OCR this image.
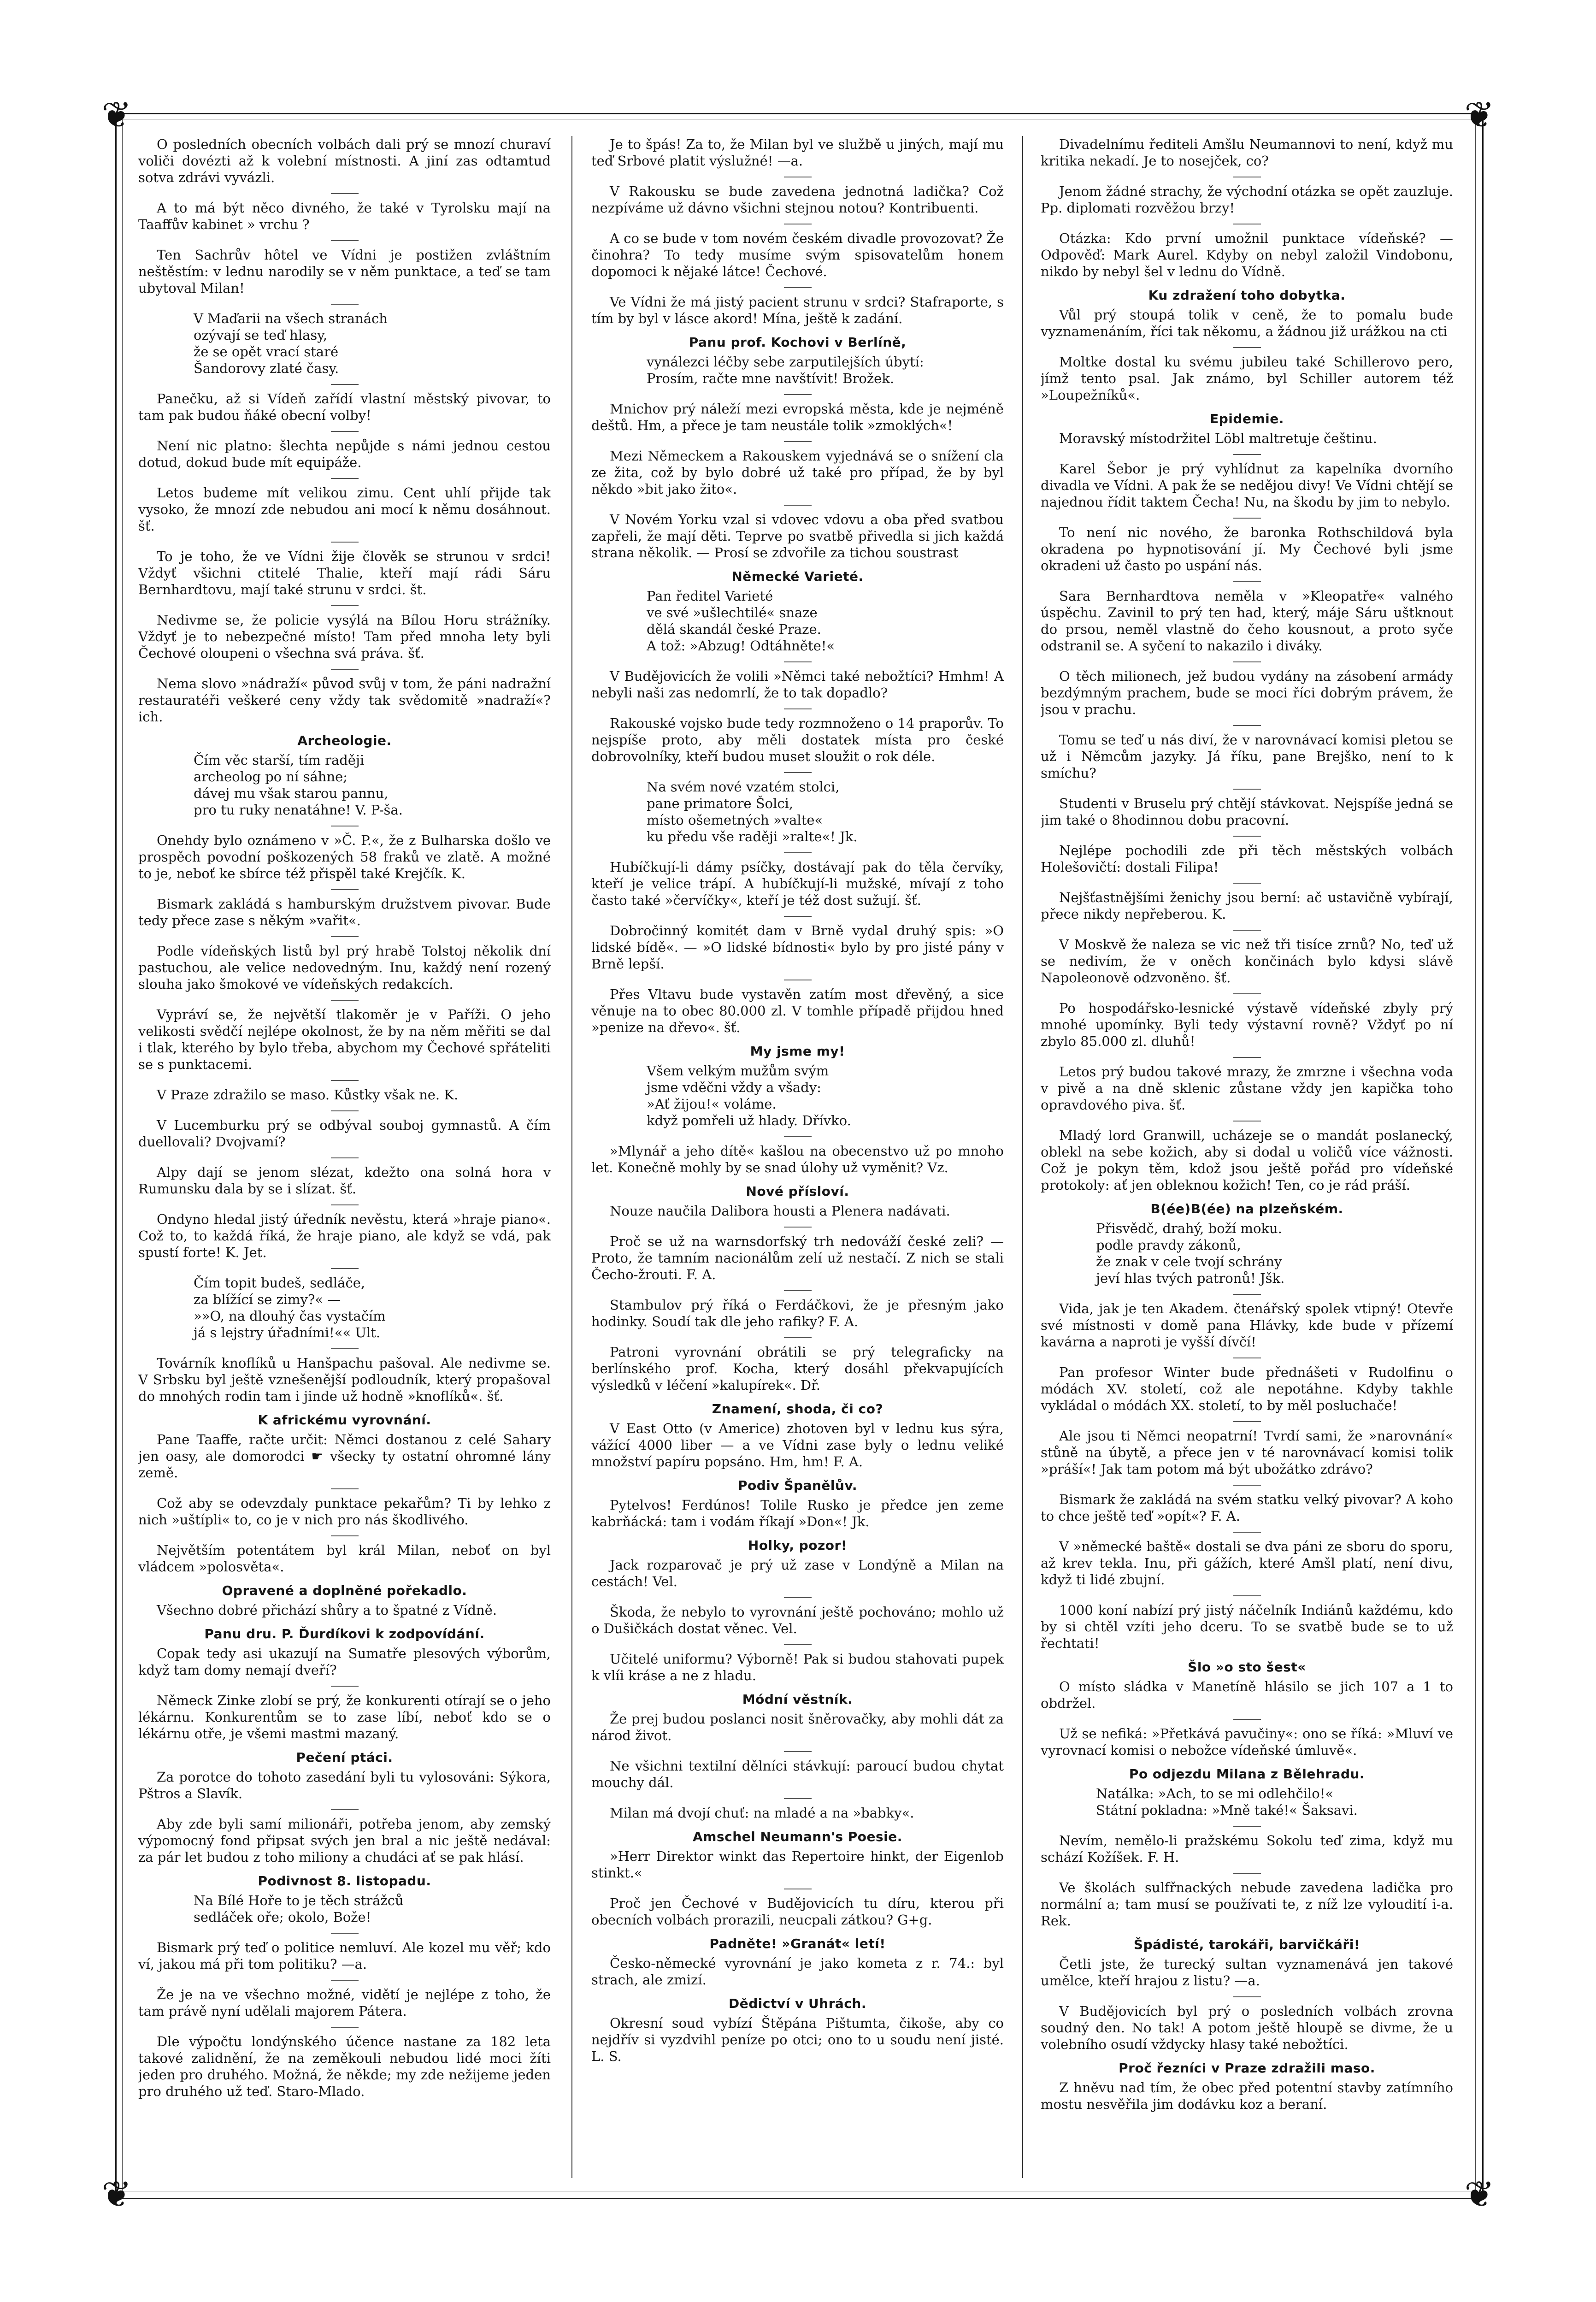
❦	❦
❦	❦
O posledních obecních volbách dali prý se mnozí churaví voliči dovézti až k volební místnosti. A jiní zas odtamtud sotva zdrávi vyvázli.
A to má být něco divného, že také v Tyrolsku mají na Taaffův kabinet » vrchu ?
Ten Sachrův hôtel ve Vídni je postižen zvláštním neštěstím: v lednu narodily se v něm punktace, a teď se tam ubytoval Milan!
V Maďarii na všech stranách
ozývají se teď hlasy,
že se opět vrací staré
Šandorovy zlaté časy.
Panečku, až si Vídeň zařídí vlastní městský pivovar, to tam pak budou ňáké obecní volby!
Není nic platno: šlechta nepůjde s námi jednou cestou dotud, dokud bude mít equipáže.
Letos budeme mít velikou zimu. Cent uhlí přijde tak vysoko, že mnozí zde nebudou ani mocí k němu dosáhnout. šť.
To je toho, že ve Vídni žije člověk se strunou v srdci! Vždyť všichni ctitelé Thalie, kteří mají rádi Sáru Bernhardtovu, mají také strunu v srdci. št.
Nedivme se, že policie vysýlá na Bílou Horu strážníky. Vždyť je to nebezpečné místo! Tam před mnoha lety byli Čechové oloupeni o všechna svá práva. šť.
Nema slovo »nádraží« původ svůj v tom, že páni nadražní restauratéři veškeré ceny vždy tak svědomitě »nadraží«? ich.
Archeologie.
Čím věc starší, tím raději
archeolog po ní sáhne;
dávej mu však starou pannu,
pro tu ruky nenatáhne! V. P-ša.
Onehdy bylo oznámeno v »Č. P.«, že z Bulharska došlo ve prospěch povodní poškozených 58 fraků ve zlatě. A možné to je, neboť ke sbírce též přispěl také Krejčík. K.
Bismark zakládá s hamburským družstvem pivovar. Bude tedy přece zase s někým »vařit«.
Podle vídeňských listů byl prý hrabě Tolstoj několik dní pastuchou, ale velice nedovedným. Inu, každý není rozený slouha jako šmokové ve vídeňských redakcích.
Vypráví se, že největší tlakoměr je v Paříži. O jeho velikosti svědčí nejlépe okolnost, že by na něm měřiti se dal i tlak, kterého by bylo třeba, abychom my Čechové spřáteliti se s punktacemi.
V Praze zdražilo se maso. Kůstky však ne. K.
V Lucemburku prý se odbýval souboj gymnastů. A čím duellovali? Dvojvamí?
Alpy dají se jenom slézat, kdežto ona solná hora v Rumunsku dala by se i slízat. šť.
Ondyno hledal jistý úředník nevěstu, která »hraje piano«. Což to, to každá říká, že hraje piano, ale když se vdá, pak spustí forte! K. Jet.
Čím topit budeš, sedláče,
za blížící se zimy?« —
»»O, na dlouhý čas vystačím
já s lejstry úřadními!«« Ult.
Továrník knoflíků u Hanšpachu pašoval. Ale nedivme se. V Srbsku byl ještě vznešenější podloudník, který propašoval do mnohých rodin tam i jinde už hodně »knoflíků«. šť.
K africkému vyrovnání.
Pane Taaffe, račte určit: Němci dostanou z celé Sahary jen oasy, ale domorodci ☛ všecky ty ostatní ohromné lány země.
Což aby se odevzdaly punktace pekařům? Ti by lehko z nich »uštípli« to, co je v nich pro nás škodlivého.
Největším potentátem byl král Milan, neboť on byl vládcem »polosvěta«.
Opravené a doplněné pořekadlo.
Všechno dobré přichází shůry a to špatné z Vídně.
Panu dru. P. Ďurdíkovi k zodpovídání.
Copak tedy asi ukazují na Sumatře plesových výborům, když tam domy nemají dveří?
Německ Zinke zlobí se prý, že konkurenti otírají se o jeho lékárnu. Konkurentům se to zase líbí, neboť kdo se o lékárnu otře, je všemi mastmi mazaný.
Pečení ptáci.
Za porotce do tohoto zasedání byli tu vylosováni: Sýkora, Pštros a Slavík.
Aby zde byli samí milionáři, potřeba jenom, aby zemský výpomocný fond připsat svých jen bral a nic ještě nedával: za pár let budou z toho miliony a chudáci ať se pak hlásí.
Podivnost 8. listopadu.
Na Bílé Hoře to je těch strážců
sedláček oře; okolo, Bože!
Bismark prý teď o politice nemluví. Ale kozel mu věř; kdo ví, jakou má při tom politiku? —a.
Že je na ve všechno možné, vidětí je nejlépe z toho, že tam právě nyní udělali majorem Pátera.
Dle výpočtu londýnského účence nastane za 182 leta takové zalidnění, že na zeměkouli nebudou lidé moci žíti jeden pro druhého. Možná, že někde; my zde nežijeme jeden pro druhého už teď. Staro-Mlado.
Je to špás! Za to, že Milan byl ve službě u jiných, mají mu teď Srbové platit výslužné! —a.
V Rakousku se bude zavedena jednotná ladička? Což nezpíváme už dávno všichni stejnou notou? Kontribuenti.
A co se bude v tom novém českém divadle provozovat? Že činohra? To tedy musíme svým spisovatelům honem dopomoci k nějaké látce! Čechové.
Ve Vídni že má jistý pacient strunu v srdci? Stafraporte, s tím by byl v lásce akord! Mína, ještě k zadání.
Panu prof. Kochovi v Berlíně,
vynálezci léčby sebe zarputilejších úbytí:
Prosím, račte mne navštívit! Brožek.
Mnichov prý náleží mezi evropská města, kde je nejméně deštů. Hm, a přece je tam neustále tolik »zmoklých«!
Mezi Německem a Rakouskem vyjednává se o snížení cla ze žita, což by bylo dobré už také pro případ, že by byl někdo »bit jako žito«.
V Novém Yorku vzal si vdovec vdovu a oba před svatbou zapřeli, že mají děti. Teprve po svatbě přivedla si jich každá strana několik. — Prosí se zdvořile za tichou soustrast
Německé Varieté.
Pan ředitel Varieté
ve své »ušlechtilé« snaze
dělá skandál české Praze.
A tož: »Abzug! Odtáhněte!«
V Budějovicích že volili »Němci také nebožtíci? Hmhm! A nebyli naši zas nedomrlí, že to tak dopadlo?
Rakouské vojsko bude tedy rozmnoženo o 14 praporův. To nejspíše proto, aby měli dostatek místa pro české dobrovolníky, kteří budou muset sloužit o rok déle.
Na svém nové vzatém stolci,
pane primatore Šolci,
místo ošemetných »valte«
ku předu vše raději »ralte«! Jk.
Hubíčkují-li dámy psíčky, dostávají pak do těla červíky, kteří je velice trápí. A hubíčkují-li mužské, mívají z toho často také »červíčky«, kteří je též dost sužují. šť.
Dobročinný komitét dam v Brně vydal druhý spis: »O lidské bídě«. — »O lidské bídnosti« bylo by pro jisté pány v Brně lepší.
Přes Vltavu bude vystavěn zatím most dřevěný, a sice věnuje na to obec 80.000 zl. V tomhle případě přijdou hned »penize na dřevo«. šť.
My jsme my!
Všem velkým mužům svým
jsme vděčni vždy a všady:
»Ať žijou!« voláme.
když pomřeli už hlady. Dřívko.
»Mlynář a jeho dítě« kašlou na obecenstvo už po mnoho let. Konečně mohly by se snad úlohy už vyměnit? Vz.
Nové přísloví.
Nouze naučila Dalibora housti a Plenera nadávati.
Proč se už na warnsdorfský trh nedováží české zeli? — Proto, že tamním nacionálům zelí už nestačí. Z nich se stali Čecho-žrouti. F. A.
Stambulov prý říká o Ferdáčkovi, že je přesným jako hodinky. Soudí tak dle jeho rafiky? F. A.
Patroni vyrovnání obrátili se prý telegraficky na berlínského prof. Kocha, který dosáhl překvapujících výsledků v léčení »kalupírek«. Dř.
Znamení, shoda, či co?
V East Otto (v Americe) zhotoven byl v lednu kus sýra, vážící 4000 liber — a ve Vídni zase byly o lednu veliké množství papíru popsáno. Hm, hm! F. A.
Podiv Španělův.
Pytelvos! Ferdúnos! Tolile Rusko je předce jen zeme kabrňácká: tam i vodám říkají »Don«! Jk.
Holky, pozor!
Jack rozparovač je prý už zase v Londýně a Milan na cestách! Vel.
Škoda, že nebylo to vyrovnání ještě pochováno; mohlo už o Dušičkách dostat věnec. Vel.
Učitelé uniformu? Výborně! Pak si budou stahovati pupek k vlíi kráse a ne z hladu.
Módní věstník.
Že prej budou poslanci nosit šněrovačky, aby mohli dát za národ život.
Ne všichni textilní dělníci stávkují: paroucí budou chytat mouchy dál.
Milan má dvojí chuť: na mladé a na »babky«.
Amschel Neumann's Poesie.
»Herr Direktor winkt das Repertoire hinkt, der Eigenlob stinkt.«
Proč jen Čechové v Budějovicích tu díru, kterou při obecních volbách prorazili, neucpali zátkou? G+g.
Padněte! »Granát« letí!
Česko-německé vyrovnání je jako kometa z r. 74.: byl strach, ale zmizí.
Dědictví v Uhrách.
Okresní soud vybízí Štěpána Pištumta, čikoše, aby co nejdřív si vyzdvihl peníze po otci; ono to u soudu není jisté. L. S.
Divadelnímu řediteli Amšlu Neumannovi to není, když mu kritika nekadí. Je to nosejček, co?
Jenom žádné strachy, že východní otázka se opět zauzluje. Pp. diplomati rozvěžou brzy!
Otázka: Kdo první umožnil punktace vídeňské? — Odpověď: Mark Aurel. Kdyby on nebyl založil Vindobonu, nikdo by nebyl šel v lednu do Vídně.
Ku zdražení toho dobytka.
Vůl prý stoupá tolik v ceně, že to pomalu bude vyznamenáním, říci tak někomu, a žádnou již urážkou na cti
Moltke dostal ku svému jubileu také Schillerovo pero, jímž tento psal. Jak známo, byl Schiller autorem též »Loupežníků«.
Epidemie.
Moravský místodržitel Löbl maltretuje češtinu.
Karel Šebor je prý vyhlídnut za kapelníka dvorního divadla ve Vídni. A pak že se nedějou divy! Ve Vídni chtějí se najednou řídit taktem Čecha! Nu, na škodu by jim to nebylo.
To není nic nového, že baronka Rothschildová byla okradena po hypnotisování jí. My Čechové byli jsme okradeni už často po uspání nás.
Sara Bernhardtova neměla v »Kleopatře« valného úspěchu. Zavinil to prý ten had, který, máje Sáru uštknout do prsou, neměl vlastně do čeho kousnout, a proto syče odstranil se. A syčení to nakazilo i diváky.
O těch milionech, jež budou vydány na zásobení armády bezdýmným prachem, bude se moci říci dobrým právem, že jsou v prachu.
Tomu se teď u nás diví, že v narovnávací komisi pletou se už i Němcům jazyky. Já říku, pane Brejško, není to k smíchu?
Studenti v Bruselu prý chtějí stávkovat. Nejspíše jedná se jim také o 8hodinnou dobu pracovní.
Nejlépe pochodili zde při těch městských volbách Holešovičtí: dostali Filipa!
Nejšťastnějšími ženichy jsou berní: ač ustavičně vybírají, přece nikdy nepřeberou. K.
V Moskvě že naleza se vic než tři tisíce zrnů? No, teď už se nedivím, že v oněch končinách bylo kdysi slávě Napoleonově odzvoněno. šť.
Po hospodářsko-lesnické výstavě vídeňské zbyly prý mnohé upomínky. Byli tedy výstavní rovně? Vždyť po ní zbylo 85.000 zl. dluhů!
Letos prý budou takové mrazy, že zmrzne i všechna voda v pivě a na dně sklenic zůstane vždy jen kapička toho opravdového piva. šť.
Mladý lord Granwill, ucházeje se o mandát poslanecký, oblekl na sebe kožich, aby si dodal u voličů více vážnosti. Což je pokyn těm, kdož jsou ještě pořád pro vídeňské protokoly: ať jen obleknou kožich! Ten, co je rád práší.
B(ée)B(ée) na plzeňském.
Přisvědč, drahý, boží moku.
podle pravdy zákonů,
že znak v cele tvojí schrány
jeví hlas tvých patronů! Jšk.
Vida, jak je ten Akadem. čtenářský spolek vtipný! Otevře své místnosti v domě pana Hlávky, kde bude v přízemí kavárna a naproti je vyšší dívčí!
Pan profesor Winter bude přednášeti v Rudolfinu o módách XV. století, což ale nepotáhne. Kdyby takhle vykládal o módách XX. století, to by měl posluchače!
Ale jsou ti Němci neopatrní! Tvrdí sami, že »narovnání« stůně na úbytě, a přece jen v té narovnávací komisi tolik »práší«! Jak tam potom má být ubožátko zdrávo?
Bismark že zakládá na svém statku velký pivovar? A koho to chce ještě teď »opít«? F. A.
V »německé baště« dostali se dva páni ze sboru do sporu, až krev tekla. Inu, při gážích, které Amšl platí, není divu, když ti lidé zbujní.
1000 koní nabízí prý jistý náčelník Indiánů každému, kdo by si chtěl vzíti jeho dceru. To se svatbě bude se to už řechtati!
Šlo »o sto šest«
O místo sládka v Manetíně hlásilo se jich 107 a 1 to obdržel.
Už se nefiká: »Přetkává pavučiny«: ono se říká: »Mluví ve vyrovnací komisi o nebožce vídeňské úmluvě«.
Po odjezdu Milana z Bělehradu.
Natálka: »Ach, to se mi odlehčilo!«
Státní pokladna: »Mně také!« Šaksavi.
Nevím, nemělo-li pražskému Sokolu teď zima, když mu schází Kožíšek. F. H.
Ve školách sulfřnackých nebude zavedena ladička pro normální a; tam musí se používati te, z níž lze vyloudití i-a. Rek.
Špádisté, tarokáři, barvičkáři!
Četli jste, že turecký sultan vyznamenává jen takové umělce, kteří hrajou z listu? —a.
V Budějovicích byl prý o posledních volbách zrovna soudný den. No tak! A potom ještě hloupě se divme, že u volebního osudí vždycky hlasy také nebožtíci.
Proč řezníci v Praze zdražili maso.
Z hněvu nad tím, že obec před potentní stavby zatímního mostu nesvěřila jim dodávku koz a beraní.
